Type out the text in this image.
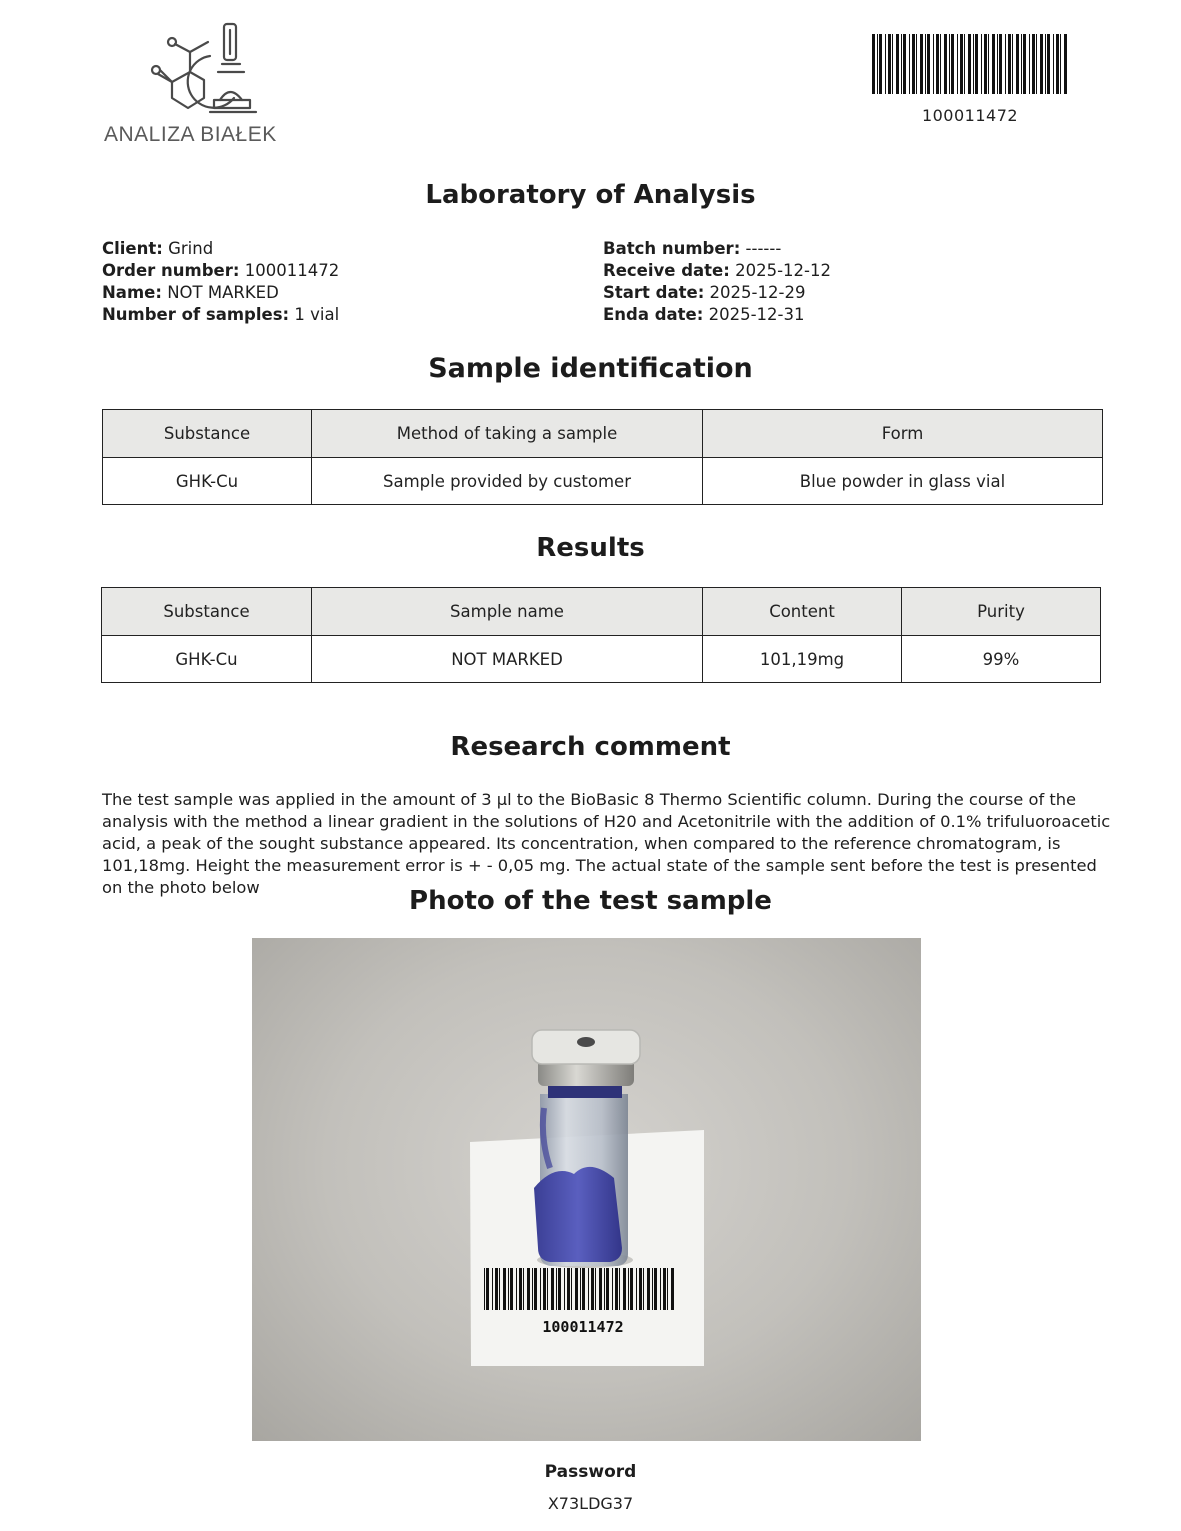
ANALIZA BIAŁEK
100011472
Laboratory of Analysis
Client: Grind
Order number: 100011472
Name: NOT MARKED
Number of samples: 1 vial
Batch number: ------
Receive date: 2025-12-12
Start date: 2025-12-29
Enda date: 2025-12-31
Sample identification
Substance	Method of taking a sample	Form
GHK-Cu	Sample provided by customer	Blue powder in glass vial
Results
Substance	Sample name	Content	Purity
GHK-Cu	NOT MARKED	101,19mg	99%
Research comment

The test sample was applied in the amount of 3 µl to the BioBasic 8 Thermo Scientific column. During the course of the analysis with the method a linear gradient in the solutions of H20 and Acetonitrile with the addition of 0.1% trifuluoroacetic acid, a peak of the sought substance appeared. Its concentration, when compared to the reference chromatogram, is 101,18mg. Height the measurement error is + - 0,05 mg. The actual state of the sample sent before the test is presented on the photo below	Photo of the test sample
100011472
Password
X73LDG37
